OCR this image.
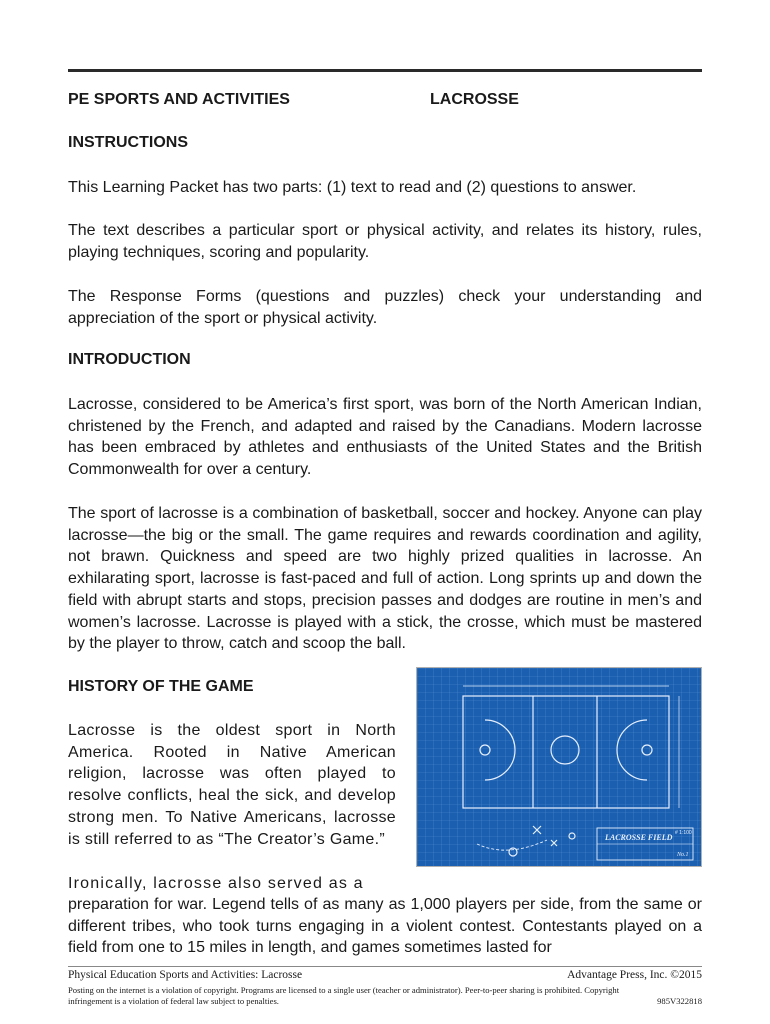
PE SPORTS AND ACTIVITIES	LACROSSE
INSTRUCTIONS
This Learning Packet has two parts: (1) text to read and (2) questions to answer.
The text describes a particular sport or physical activity, and relates its history, rules, playing techniques, scoring and popularity.
The Response Forms (questions and puzzles) check your understanding and appreciation of the sport or physical activity.
INTRODUCTION
Lacrosse, considered to be America’s first sport, was born of the North American Indian, christened by the French, and adapted and raised by the Canadians. Modern lacrosse has been embraced by athletes and enthusiasts of the United States and the British Commonwealth for over a century.
The sport of lacrosse is a combination of basketball, soccer and hockey. Anyone can play lacrosse—the big or the small. The game requires and rewards coordination and agility, not brawn. Quickness and speed are two highly prized qualities in lacrosse. An exhilarating sport, lacrosse is fast-paced and full of action. Long sprints up and down the field with abrupt starts and stops, precision passes and dodges are routine in men’s and women’s lacrosse. Lacrosse is played with a stick, the crosse, which must be mastered by the player to throw, catch and scoop the ball.
HISTORY OF THE GAME
Lacrosse is the oldest sport in North America. Rooted in Native American religion, lacrosse was often played to resolve conflicts, heal the sick, and develop strong men. To Native Americans, lacrosse is still referred to as “The Creator’s Game.”
Ironically, lacrosse also served as a
preparation for war. Legend tells of as many as 1,000 players per side, from the same or different tribes, who took turns engaging in a violent contest. Contestants played on a field from one to 15 miles in length, and games sometimes lasted for
LACROSSE FIELD # 1:100
No.1
Physical Education Sports and Activities: Lacrosse	Advantage Press, Inc. ©2015
Posting on the internet is a violation of copyright. Programs are licensed to a single user (teacher or administrator). Peer-to-peer sharing is prohibited. Copyright infringement is a violation of federal law subject to penalties.	985V322818
